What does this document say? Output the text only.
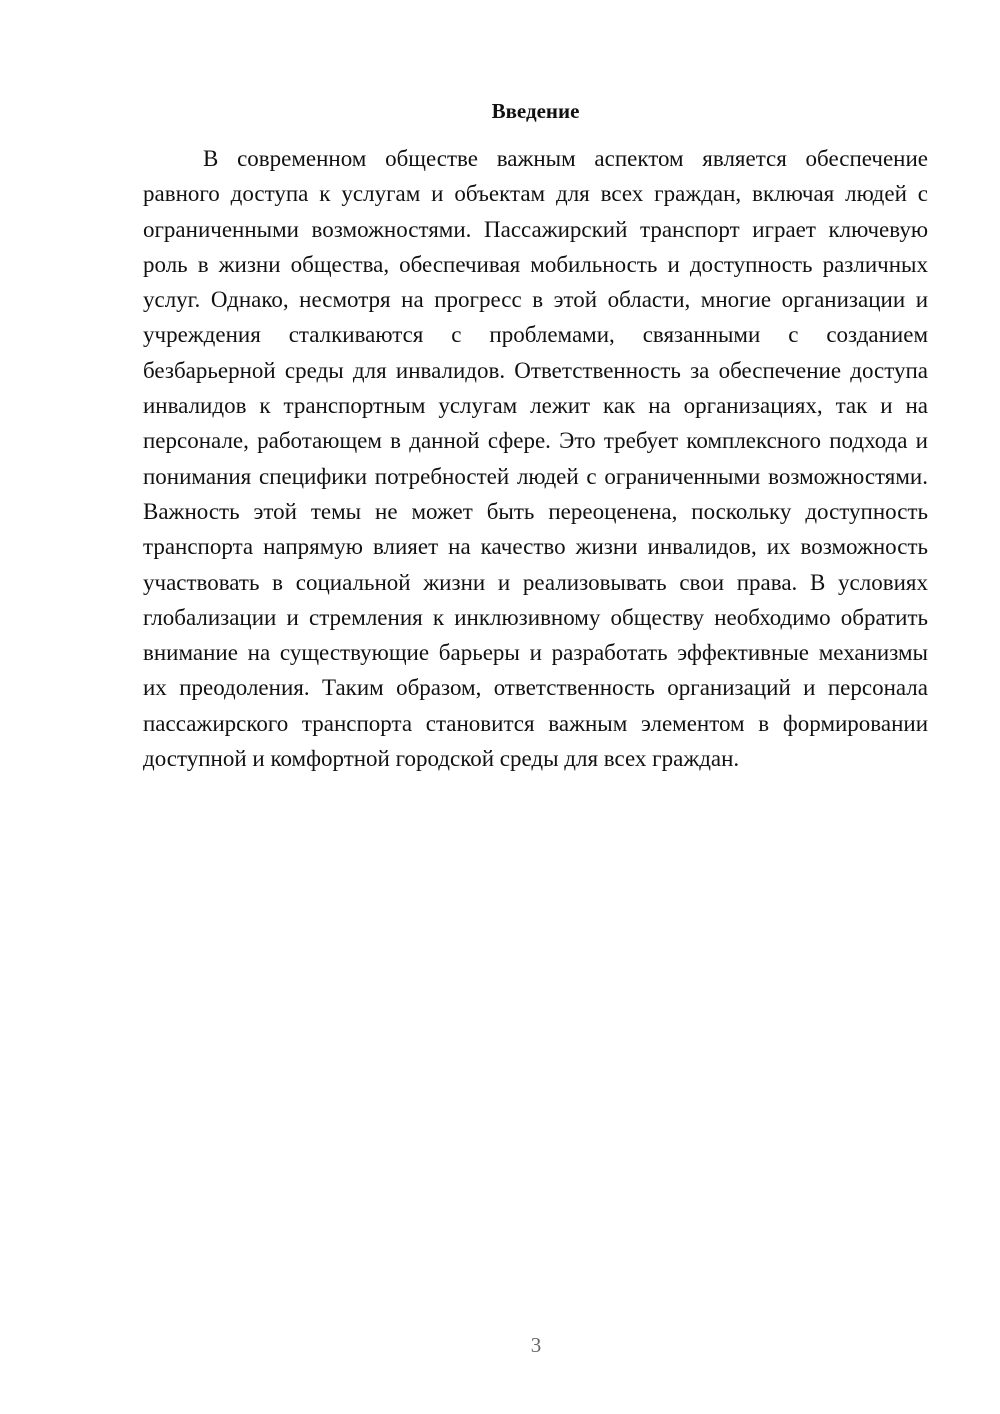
Введение

В современном обществе важным аспектом является обеспечение равного доступа к услугам и объектам для всех граждан, включая людей с ограниченными возможностями. Пассажирский транспорт играет ключевую роль в жизни общества, обеспечивая мобильность и доступность различных услуг. Однако, несмотря на прогресс в этой области, многие организации и учреждения сталкиваются с проблемами, связанными с созданием безбарьерной среды для инвалидов. Ответственность за обеспечение доступа инвалидов к транспортным услугам лежит как на организациях, так и на персонале, работающем в данной сфере. Это требует комплексного подхода и понимания специфики потребностей людей с ограниченными возможностями. Важность этой темы не может быть переоценена, поскольку доступность транспорта напрямую влияет на качество жизни инвалидов, их возможность участвовать в социальной жизни и реализовывать свои права. В условиях глобализации и стремления к инклюзивному обществу необходимо обратить внимание на существующие барьеры и разработать эффективные механизмы их преодоления. Таким образом, ответственность организаций и персонала пассажирского транспорта становится важным элементом в формировании доступной и комфортной городской среды для всех граждан.

3
